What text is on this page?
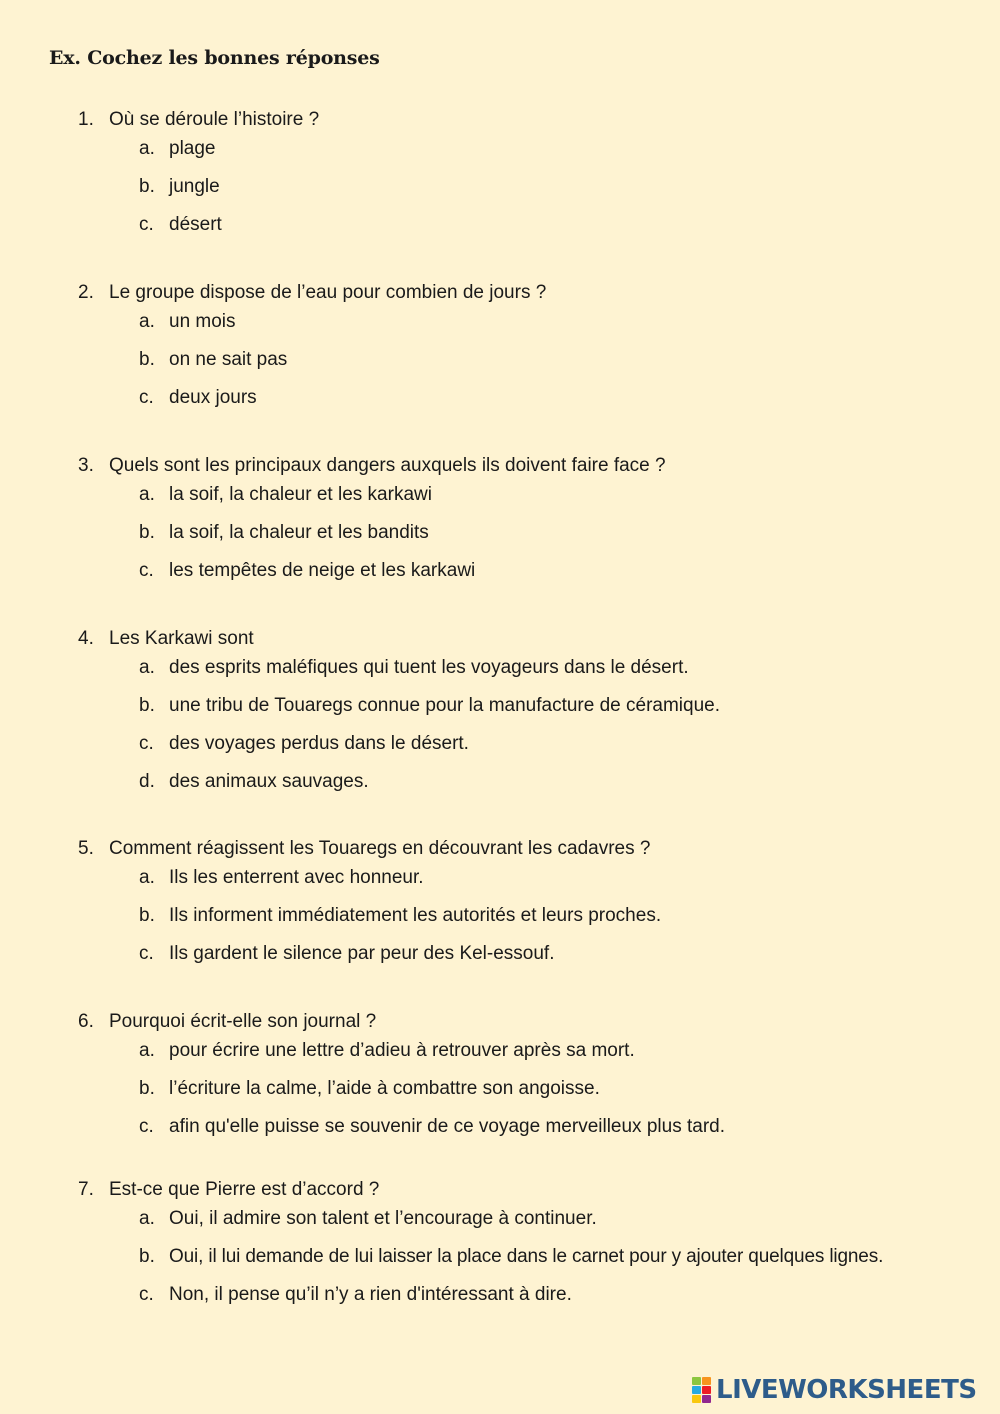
Ex. Cochez les bonnes réponses
1. Où se déroule l’histoire ?
a. plage
b. jungle
c. désert
2. Le groupe dispose de l’eau pour combien de jours ?
a. un mois
b. on ne sait pas
c. deux jours
3. Quels sont les principaux dangers auxquels ils doivent faire face ?
a. la soif, la chaleur et les karkawi
b. la soif, la chaleur et les bandits
c. les tempêtes de neige et les karkawi
4. Les Karkawi sont
a. des esprits maléfiques qui tuent les voyageurs dans le désert.
b. une tribu de Touaregs connue pour la manufacture de céramique.
c. des voyages perdus dans le désert.
d. des animaux sauvages.
5. Comment réagissent les Touaregs en découvrant les cadavres ?
a. Ils les enterrent avec honneur.
b. Ils informent immédiatement les autorités et leurs proches.
c. Ils gardent le silence par peur des Kel-essouf.
6. Pourquoi écrit-elle son journal ?
a. pour écrire une lettre d’adieu à retrouver après sa mort.
b. l’écriture la calme, l’aide à combattre son angoisse.
c. afin qu'elle puisse se souvenir de ce voyage merveilleux plus tard.
7. Est-ce que Pierre est d’accord ?
a. Oui, il admire son talent et l’encourage à continuer.
b. Oui, il lui demande de lui laisser la place dans le carnet pour y ajouter quelques lignes.
c. Non, il pense qu’il n’y a rien d'intéressant à dire.
LIVEWORKSHEETS
